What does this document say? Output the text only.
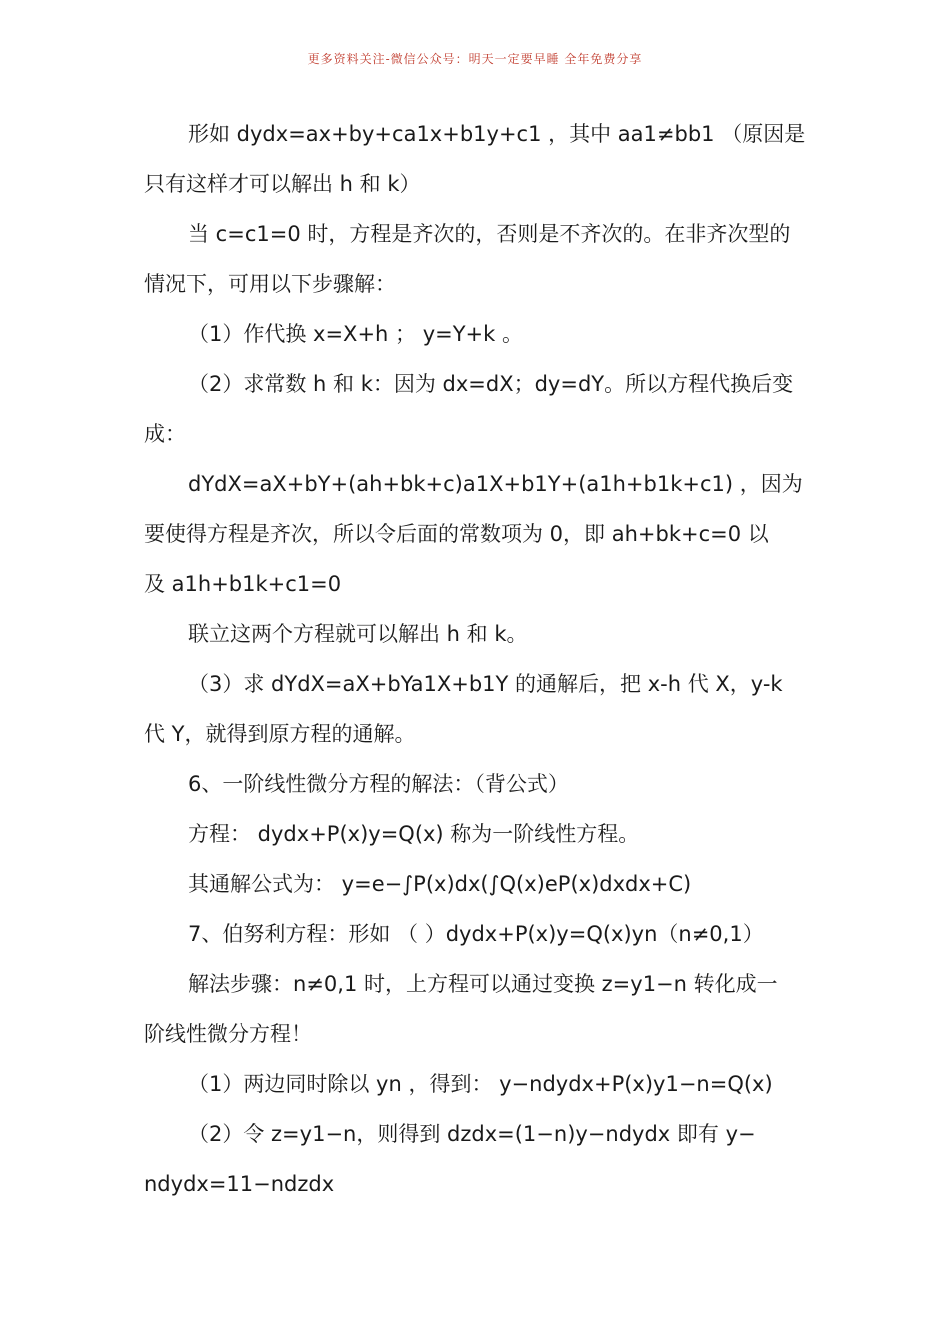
更多资料关注-微信公众号：明天一定要早睡 全年免费分享

形如 dydx=ax+by+ca1x+b1y+c1 ，其中 aa1≠bb1 （原因是

只有这样才可以解出 h 和 k）

当 c=c1=0 时，方程是齐次的，否则是不齐次的。在非齐次型的

情况下，可用以下步骤解：

（1）作代换 x=X+h ； y=Y+k 。

（2）求常数 h 和 k：因为 dx=dX；dy=dY。所以方程代换后变

成：

dYdX=aX+bY+(ah+bk+c)a1X+b1Y+(a1h+b1k+c1) ，因为

要使得方程是齐次，所以令后面的常数项为 0，即 ah+bk+c=0 以

及 a1h+b1k+c1=0

联立这两个方程就可以解出 h 和 k。

（3）求 dYdX=aX+bYa1X+b1Y 的通解后，把 x-h 代 X，y-k

代 Y，就得到原方程的通解。

6、一阶线性微分方程的解法：（背公式）

方程： dydx+P(x)y=Q(x) 称为一阶线性方程。

其通解公式为： y=e−∫P(x)dx(∫Q(x)eP(x)dxdx+C)

7、伯努利方程：形如 （ ）dydx+P(x)y=Q(x)yn（n≠0,1）

解法步骤：n≠0,1 时，上方程可以通过变换 z=y1−n 转化成一

阶线性微分方程！

（1）两边同时除以 yn ，得到： y−ndydx+P(x)y1−n=Q(x)

（2）令 z=y1−n，则得到 dzdx=(1−n)y−ndydx 即有 y−

ndydx=11−ndzdx
